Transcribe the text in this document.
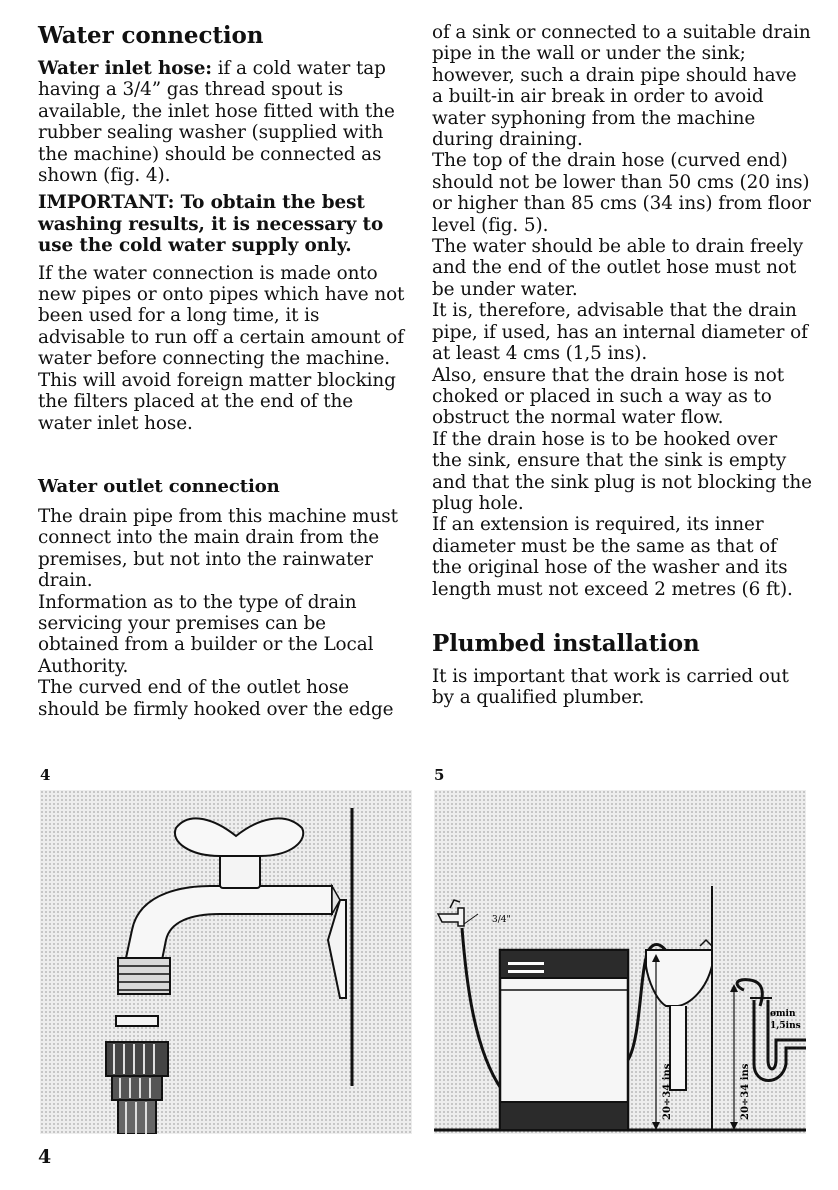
Water connection

Water inlet hose: if a cold water tap having a 3/4” gas thread spout is available, the inlet hose fitted with the rubber sealing washer (supplied with the machine) should be connected as shown (fig. 4).

IMPORTANT: To obtain the best washing results, it is necessary to use the cold water supply only.

If the water connection is made onto new pipes or onto pipes which have not been used for a long time, it is advisable to run off a certain amount of water before connecting the machine. This will avoid foreign matter blocking the filters placed at the end of the water inlet hose.

Water outlet connection

The drain pipe from this machine must connect into the main drain from the premises, but not into the rainwater drain.

Information as to the type of drain servicing your premises can be obtained from a builder or the Local Authority.

The curved end of the outlet hose should be firmly hooked over the edge

of a sink or connected to a suitable drain pipe in the wall or under the sink; however, such a drain pipe should have a built-in air break in order to avoid water syphoning from the machine during draining.

The top of the drain hose (curved end) should not be lower than 50 cms (20 ins) or higher than 85 cms (34 ins) from floor level (fig. 5).

The water should be able to drain freely and the end of the outlet hose must not be under water.

It is, therefore, advisable that the drain pipe, if used, has an internal diameter of at least 4 cms (1,5 ins).

Also, ensure that the drain hose is not choked or placed in such a way as to obstruct the normal water flow.

If the drain hose is to be hooked over the sink, ensure that the sink is empty and that the sink plug is not blocking the plug hole.

If an extension is required, its inner diameter must be the same as that of the original hose of the washer and its length must not exceed 2 metres (6 ft).

Plumbed installation

It is important that work is carried out by a qualified plumber.

4	5
3/4"
ømin
1,5ins
20÷34 ins	20÷34 ins
4
